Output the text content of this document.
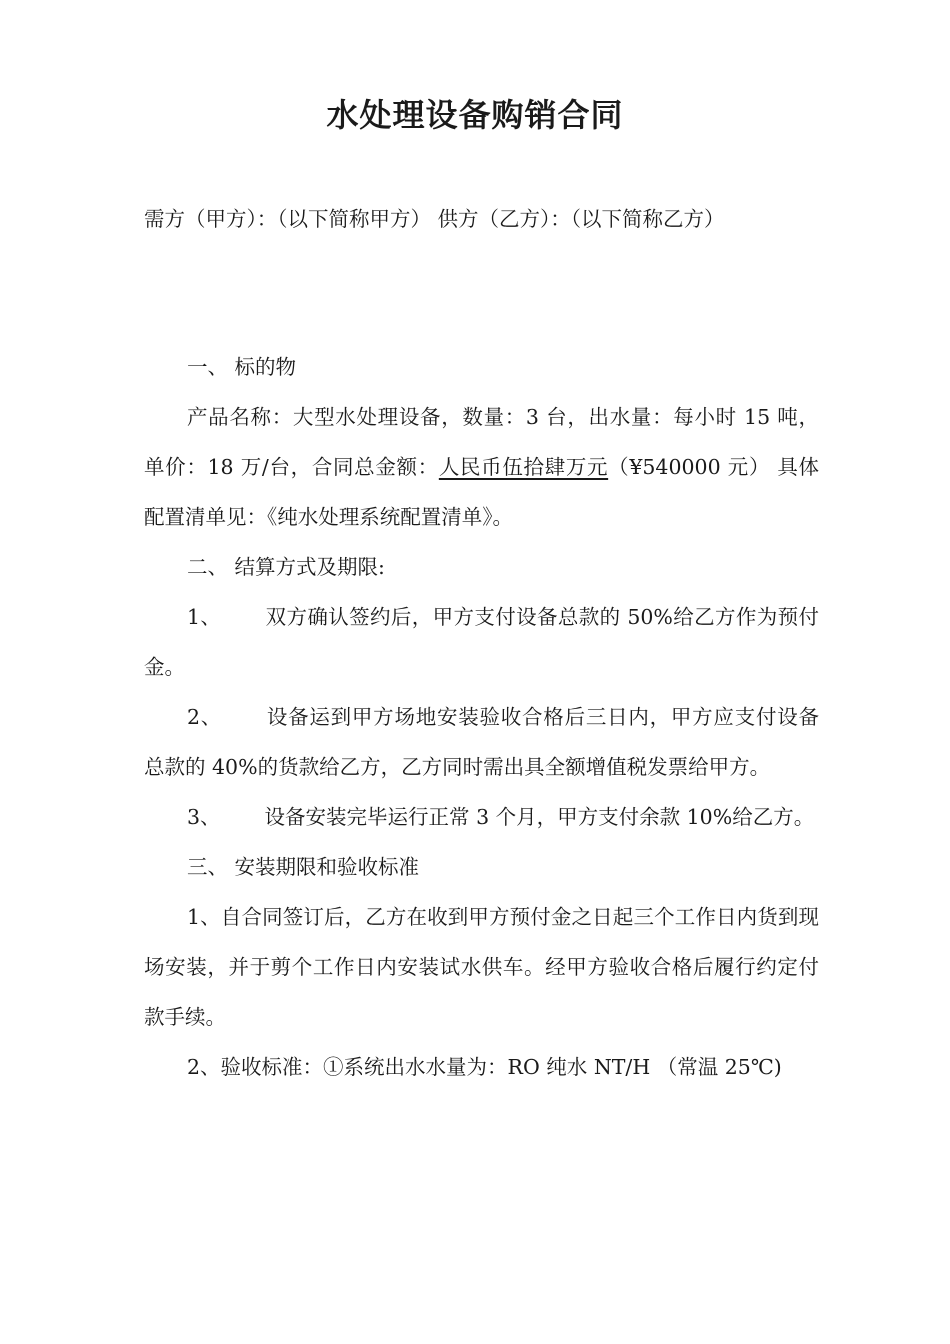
水处理设备购销合同

需方（甲方）：（以下简称甲方） 供方（乙方）：（以下简称乙方）

一、 标的物

产品名称：大型水处理设备，数量：3 台，出水量：每小时 15 吨，单价：18 万/台，合同总金额：人民币伍拾肆万元（¥540000 元） 具体配置清单见：《纯水处理系统配置清单》。

二、 结算方式及期限:

1、 双方确认签约后，甲方支付设备总款的 50%给乙方作为预付 金。

2、 设备运到甲方场地安装验收合格后三日内，甲方应支付设备 总款的 40%的货款给乙方，乙方同时需出具全额增值税发票给甲方。

3、 设备安装完毕运行正常 3 个月，甲方支付余款 10%给乙方。

三、 安装期限和验收标准

1、自合同签订后，乙方在收到甲方预付金之日起三个工作日内货到现场安装，并于剪个工作日内安装试水供车。经甲方验收合格后履行约定付款手续。

2、验收标准：①系统出水水量为：RO 纯水 NT/H （常温 25℃)
